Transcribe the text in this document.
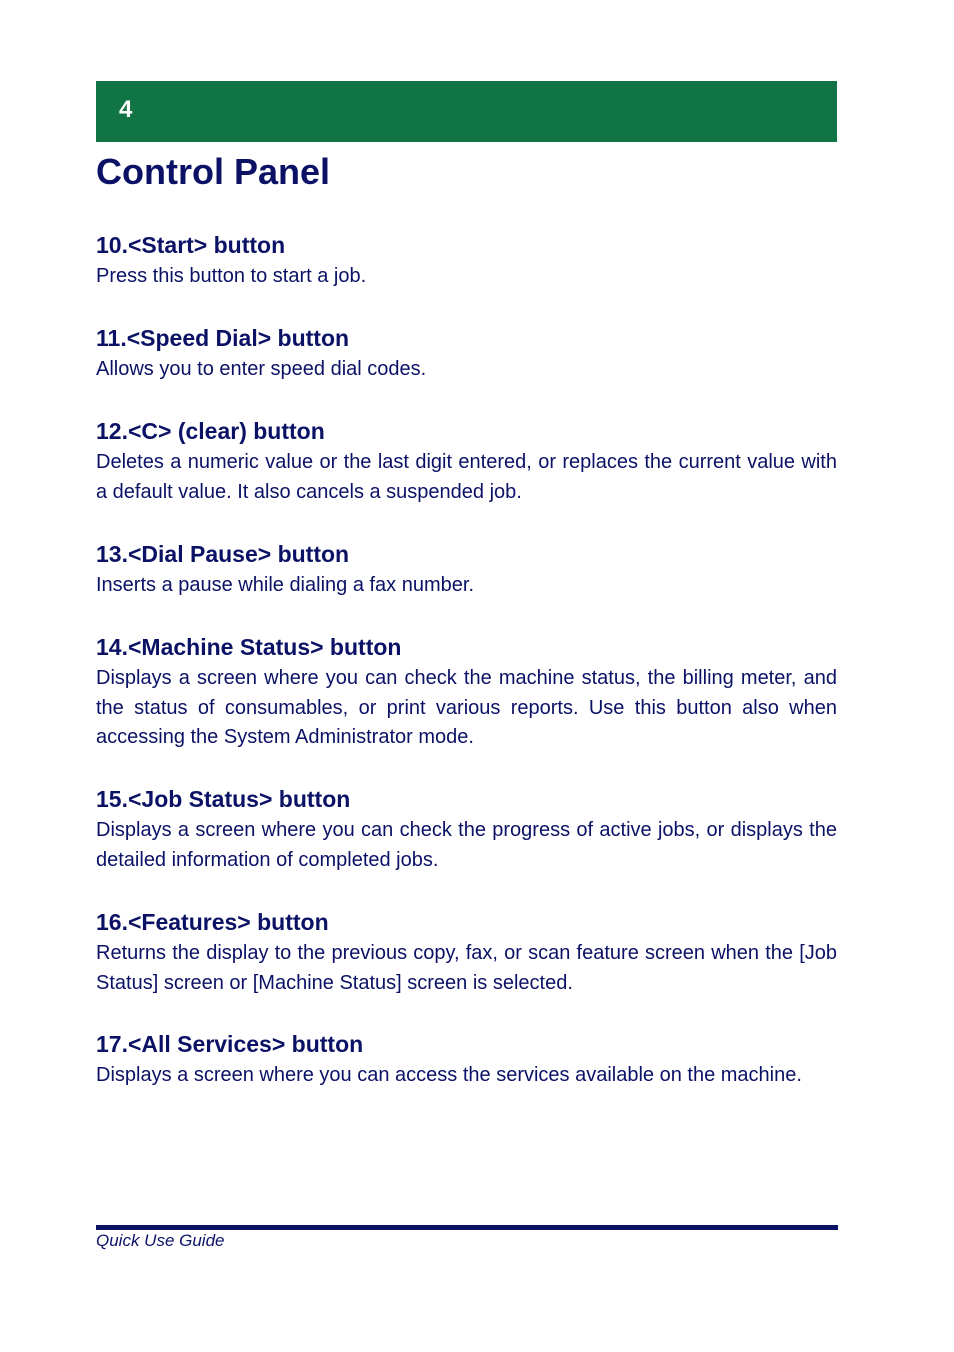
4
Control Panel
10.<Start> button

Press this button to start a job.

11.<Speed Dial> button

Allows you to enter speed dial codes.

12.<C> (clear) button

Deletes a numeric value or the last digit entered, or replaces the current value with a default value. It also cancels a suspended job.

13.<Dial Pause> button

Inserts a pause while dialing a fax number.

14.<Machine Status> button

Displays a screen where you can check the machine status, the billing meter, and the status of consumables, or print various reports. Use this button also when accessing the System Administrator mode.

15.<Job Status> button

Displays a screen where you can check the progress of active jobs, or displays the detailed information of completed jobs.

16.<Features> button

Returns the display to the previous copy, fax, or scan feature screen when the [Job Status] screen or [Machine Status] screen is selected.

17.<All Services> button

Displays a screen where you can access the services available on the machine.

Quick Use Guide
